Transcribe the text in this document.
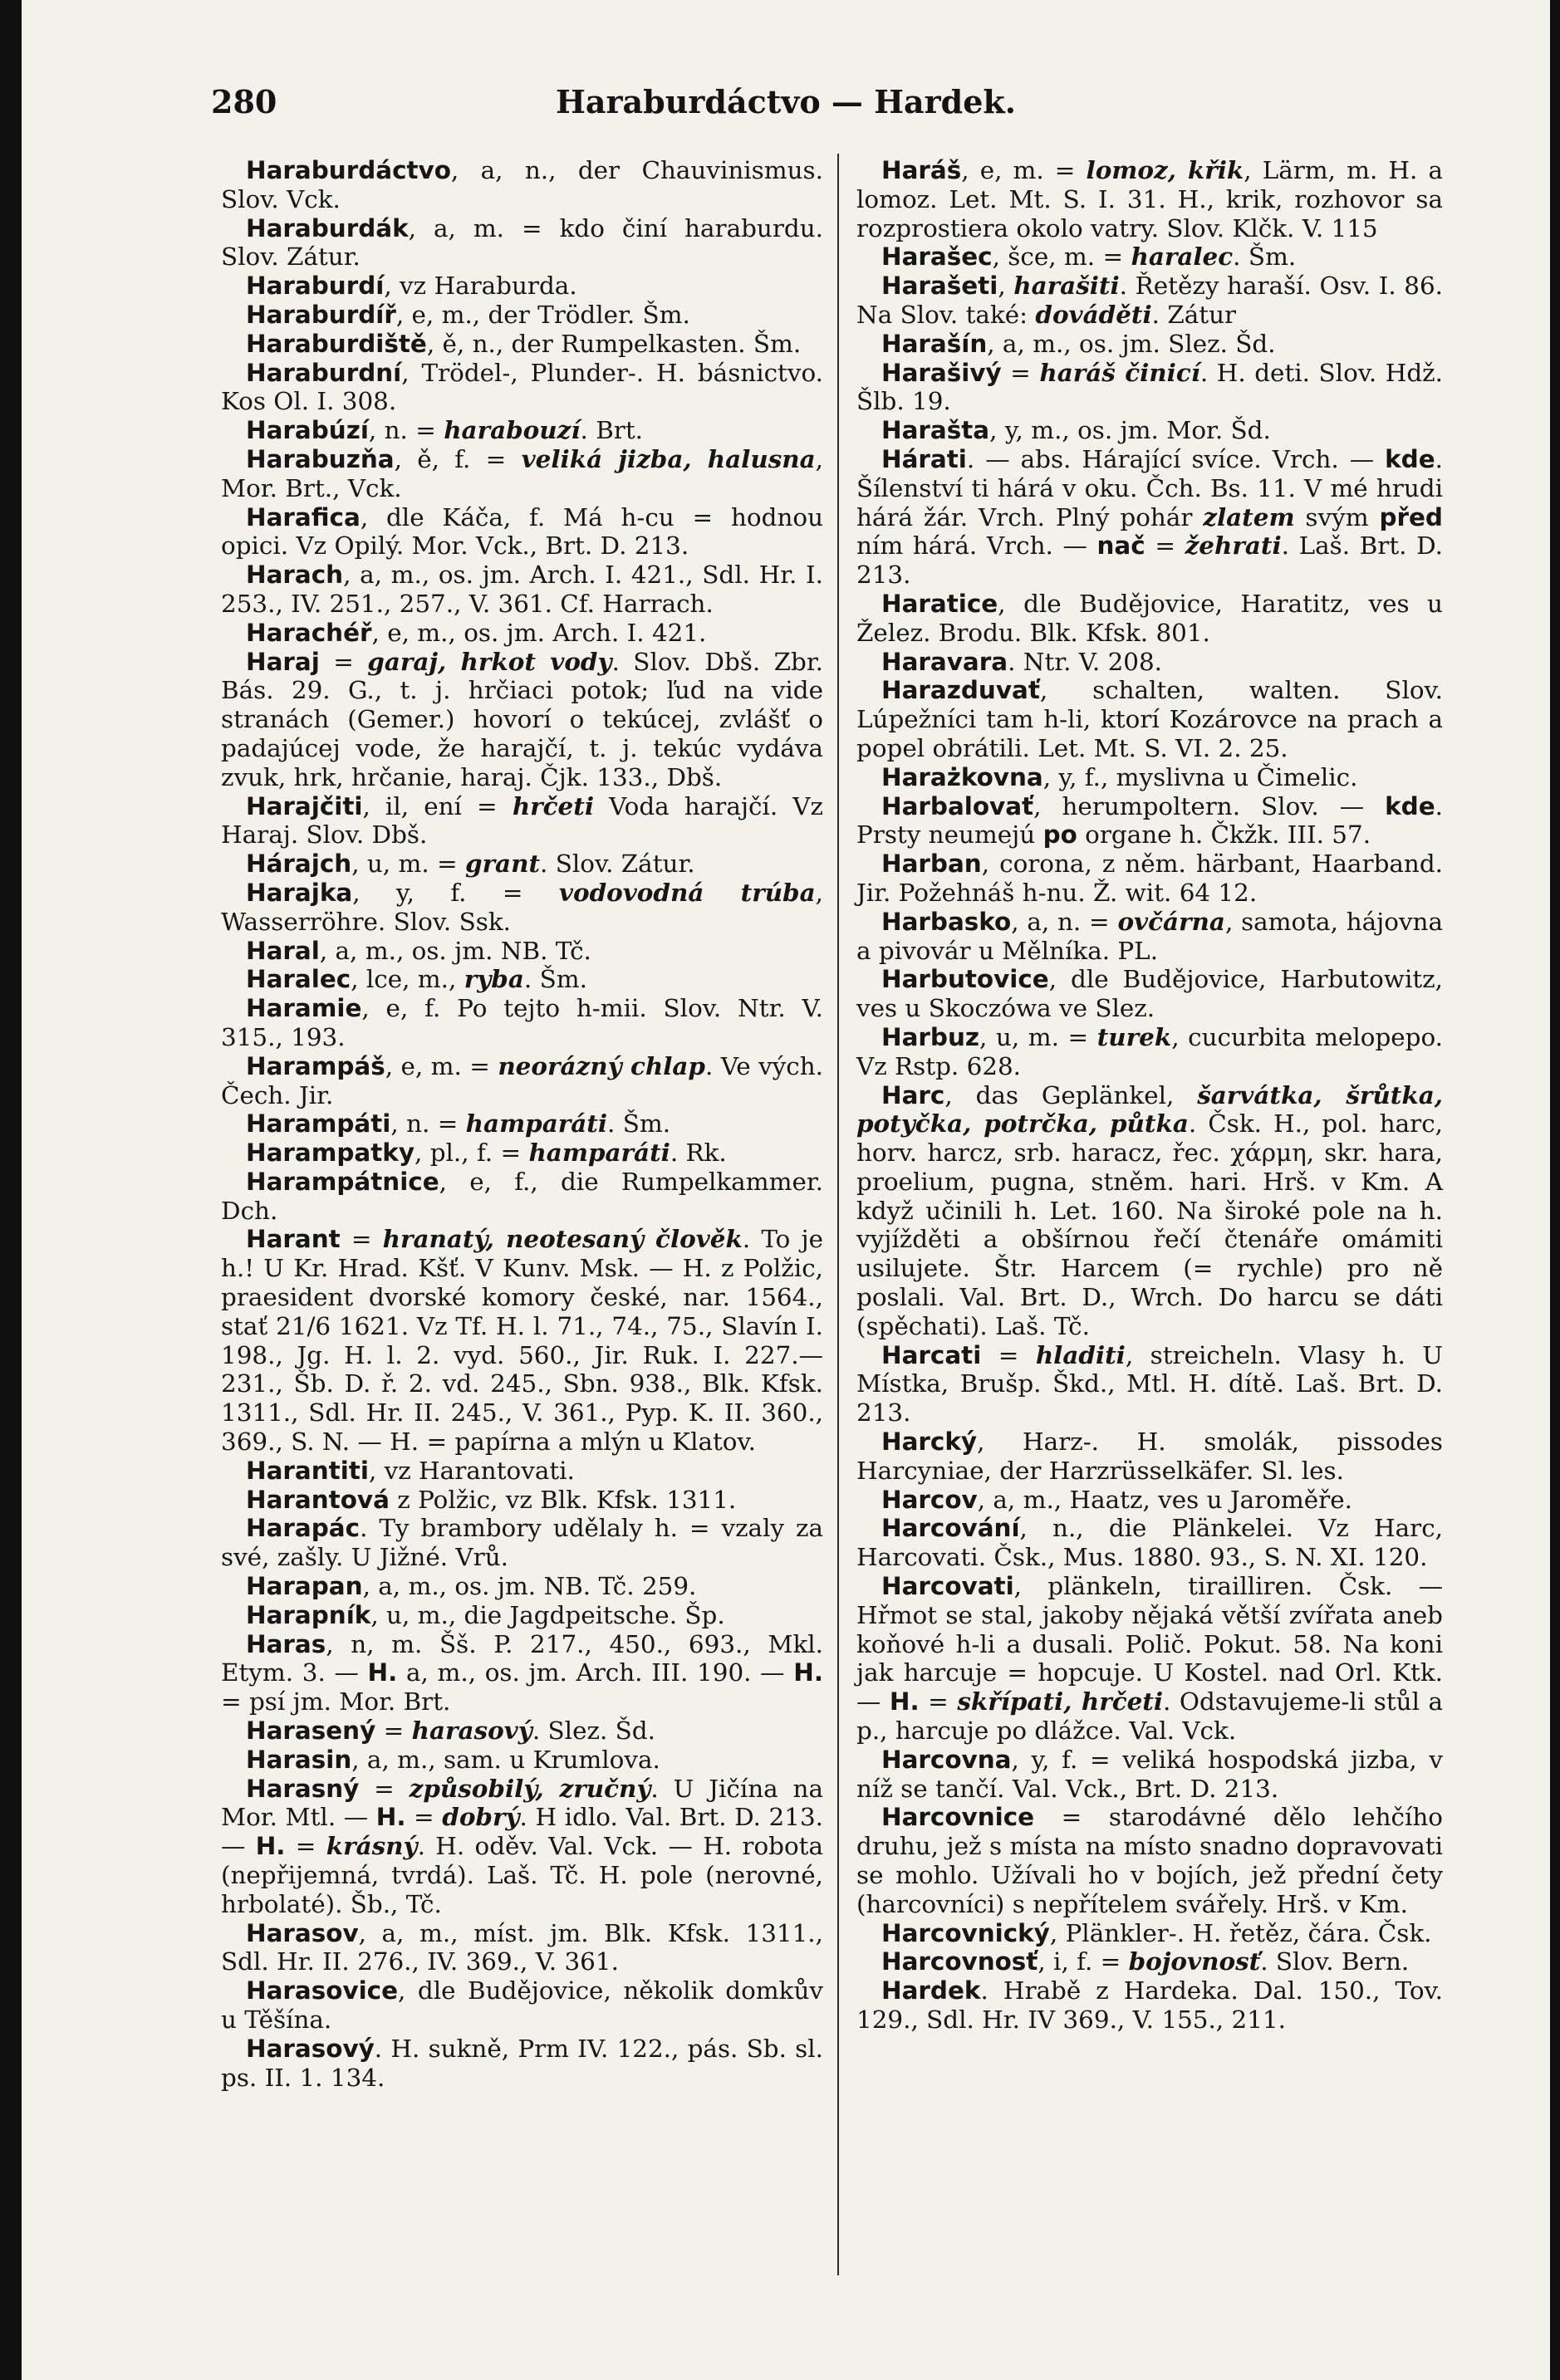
Haraburdáctvo — Hardek.
280

Haraburdáctvo, a, n., der Chauvinismus. Slov. Vck.

Haraburdák, a, m. = kdo činí haraburdu. Slov. Zátur.

Haraburdí, vz Haraburda.

Haraburdíř, e, m., der Trödler. Šm.

Haraburdiště, ě, n., der Rumpelkasten. Šm.

Haraburdní, Trödel-, Plunder-. H. básnictvo. Kos Ol. I. 308.

Harabúzí, n. = harabouzí. Brt.

Harabuzňa, ě, f. = veliká jizba, halusna, Mor. Brt., Vck.

Harafica, dle Káča, f. Má h-cu = hodnou opici. Vz Opilý. Mor. Vck., Brt. D. 213.

Harach, a, m., os. jm. Arch. I. 421., Sdl. Hr. I. 253., IV. 251., 257., V. 361. Cf. Harrach.

Harachéř, e, m., os. jm. Arch. I. 421.

Haraj = garaj, hrkot vody. Slov. Dbš. Zbr. Bás. 29. G., t. j. hrčiaci potok; ľud na vide stranách (Gemer.) hovorí o tekúcej, zvlášť o padajúcej vode, že harajčí, t. j. tekúc vydáva zvuk, hrk, hrčanie, haraj. Čjk. 133., Dbš.

Harajčiti, il, ení = hrčeti Voda harajčí. Vz Haraj. Slov. Dbš.

Hárajch, u, m. = grant. Slov. Zátur.

Harajka, y, f. = vodovodná trúba, Wasserröhre. Slov. Ssk.

Haral, a, m., os. jm. NB. Tč.

Haralec, lce, m., ryba. Šm.

Haramie, e, f. Po tejto h-mii. Slov. Ntr. V. 315., 193.

Harampáš, e, m. = neorázný chlap. Ve vých. Čech. Jir.

Harampáti, n. = hamparáti. Šm.

Harampatky, pl., f. = hamparáti. Rk.

Harampátnice, e, f., die Rumpelkammer. Dch.

Harant = hranatý, neotesaný člověk. To je h.! U Kr. Hrad. Kšť. V Kunv. Msk. — H. z Polžic, praesident dvorské komory české, nar. 1564., stať 21/6 1621. Vz Tf. H. l. 71., 74., 75., Slavín I. 198., Jg. H. l. 2. vyd. 560., Jir. Ruk. I. 227.—231., Šb. D. ř. 2. vd. 245., Sbn. 938., Blk. Kfsk. 1311., Sdl. Hr. II. 245., V. 361., Pyp. K. II. 360., 369., S. N. — H. = papírna a mlýn u Klatov.

Harantiti, vz Harantovati.

Harantová z Polžic, vz Blk. Kfsk. 1311.

Harapác. Ty brambory udělaly h. = vzaly za své, zašly. U Jižné. Vrů.

Harapan, a, m., os. jm. NB. Tč. 259.

Harapník, u, m., die Jagdpeitsche. Šp.

Haras, n, m. Šš. P. 217., 450., 693., Mkl. Etym. 3. — H. a, m., os. jm. Arch. III. 190. — H. = psí jm. Mor. Brt.

Harasený = harasový. Slez. Šd.

Harasin, a, m., sam. u Krumlova.

Harasný = způsobilý, zručný. U Jičína na Mor. Mtl. — H. = dobrý. H idlo. Val. Brt. D. 213. — H. = krásný. H. oděv. Val. Vck. — H. robota (nepřijemná, tvrdá). Laš. Tč. H. pole (nerovné, hrbolaté). Šb., Tč.

Harasov, a, m., míst. jm. Blk. Kfsk. 1311., Sdl. Hr. II. 276., IV. 369., V. 361.

Harasovice, dle Budějovice, několik domkův u Těšína.

Harasový. H. sukně, Prm IV. 122., pás. Sb. sl. ps. II. 1. 134.

Haráš, e, m. = lomoz, křik, Lärm, m. H. a lomoz. Let. Mt. S. I. 31. H., krik, rozhovor sa rozprostiera okolo vatry. Slov. Klčk. V. 115

Harašec, šce, m. = haralec. Šm.

Harašeti, harašiti. Řetězy haraší. Osv. I. 86. Na Slov. také: dováděti. Zátur

Harašín, a, m., os. jm. Slez. Šd.

Harašivý = haráš činicí. H. deti. Slov. Hdž. Šlb. 19.

Harašta, y, m., os. jm. Mor. Šd.

Hárati. — abs. Hárající svíce. Vrch. — kde. Šílenství ti hárá v oku. Čch. Bs. 11. V mé hrudi hárá žár. Vrch. Plný pohár zlatem svým před ním hárá. Vrch. — nač = žehrati. Laš. Brt. D. 213.

Haratice, dle Budějovice, Haratitz, ves u Želez. Brodu. Blk. Kfsk. 801.

Haravara. Ntr. V. 208.

Harazduvať, schalten, walten. Slov. Lúpežníci tam h-li, ktorí Kozárovce na prach a popel obrátili. Let. Mt. S. VI. 2. 25.

Harażkovna, y, f., myslivna u Čimelic.

Harbalovať, herumpoltern. Slov. — kde. Prsty neumejú po organe h. Čkžk. III. 57.

Harban, corona, z něm. härbant, Haarband. Jir. Požehnáš h-nu. Ž. wit. 64 12.

Harbasko, a, n. = ovčárna, samota, hájovna a pivovár u Mělníka. PL.

Harbutovice, dle Budějovice, Harbutowitz, ves u Skoczówa ve Slez.

Harbuz, u, m. = turek, cucurbita melopepo. Vz Rstp. 628.

Harc, das Geplänkel, šarvátka, šrůtka, potyčka, potrčka, půtka. Čsk. H., pol. harc, horv. harcz, srb. haracz, řec. χάρμη, skr. hara, proelium, pugna, stněm. hari. Hrš. v Km. A když učinili h. Let. 160. Na široké pole na h. vyjížděti a obšírnou řečí čtenáře omámiti usilujete. Štr. Harcem (= rychle) pro ně poslali. Val. Brt. D., Wrch. Do harcu se dáti (spěchati). Laš. Tč.

Harcati = hladiti, streicheln. Vlasy h. U Místka, Brušp. Škd., Mtl. H. dítě. Laš. Brt. D. 213.

Harcký, Harz-. H. smolák, pissodes Harcyniae, der Harzrüsselkäfer. Sl. les.

Harcov, a, m., Haatz, ves u Jaroměře.

Harcování, n., die Plänkelei. Vz Harc, Harcovati. Čsk., Mus. 1880. 93., S. N. XI. 120.

Harcovati, plänkeln, tirailliren. Čsk. — Hřmot se stal, jakoby nějaká větší zvířata aneb koňové h-li a dusali. Polič. Pokut. 58. Na koni jak harcuje = hopcuje. U Kostel. nad Orl. Ktk. — H. = skřípati, hrčeti. Odstavujeme-li stůl a p., harcuje po dlážce. Val. Vck.

Harcovna, y, f. = veliká hospodská jizba, v níž se tančí. Val. Vck., Brt. D. 213.

Harcovnice = starodávné dělo lehčího druhu, jež s místa na místo snadno dopravovati se mohlo. Užívali ho v bojích, jež přední čety (harcovníci) s nepřítelem svářely. Hrš. v Km.

Harcovnický, Plänkler-. H. řetěz, čára. Čsk.

Harcovnosť, i, f. = bojovnosť. Slov. Bern.

Hardek. Hrabě z Hardeka. Dal. 150., Tov. 129., Sdl. Hr. IV 369., V. 155., 211.
